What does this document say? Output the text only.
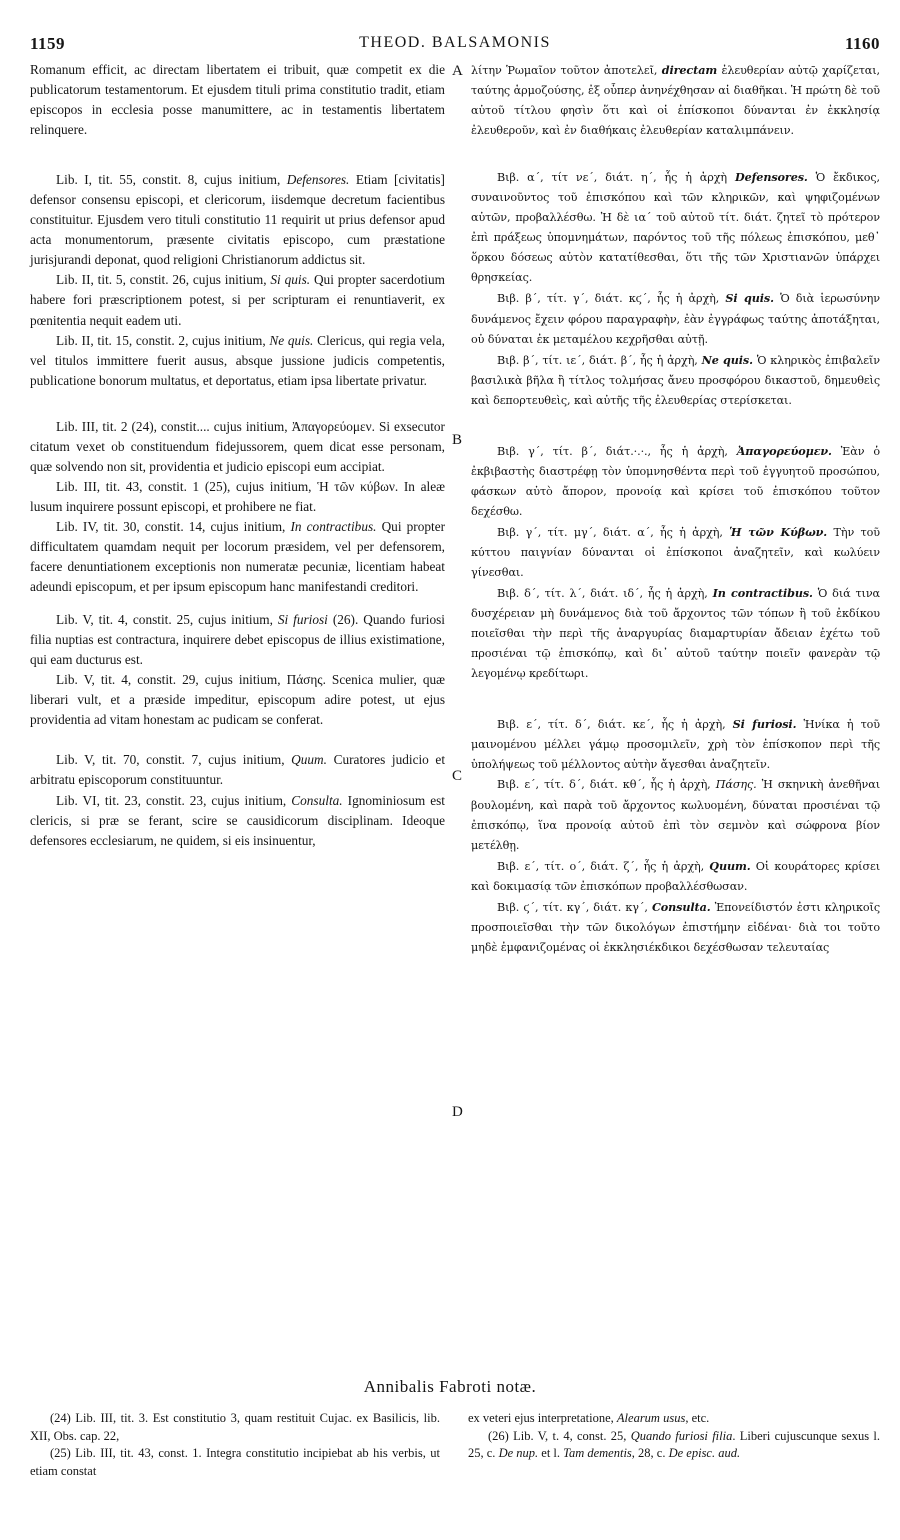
1159	THEOD. BALSAMONIS	1160
A
B
C
D

Romanum efficit, ac directam libertatem ei tribuit, quæ competit ex die publicatorum testamentorum. Et ejusdem tituli prima constitutio tradit, etiam episcopos in ecclesia posse manumittere, ac in testamentis libertatem relinquere.

Lib. I, tit. 55, constit. 8, cujus initium, Defensores. Etiam [civitatis] defensor consensu episcopi, et clericorum, iisdemque decretum facientibus constituitur. Ejusdem vero tituli constitutio 11 requirit ut prius defensor apud acta monumentorum, præsente civitatis episcopo, cum præstatione jurisjurandi deponat, quod religioni Christianorum addictus sit.

Lib. II, tit. 5, constit. 26, cujus initium, Si quis. Qui propter sacerdotium habere fori præscriptionem potest, si per scripturam ei renuntiaverit, ex pœnitentia nequit eadem uti.

Lib. II, tit. 15, constit. 2, cujus initium, Ne quis. Clericus, qui regia vela, vel titulos immittere fuerit ausus, absque jussione judicis competentis, publicatione bonorum multatus, et deportatus, etiam ipsa libertate privatur.

Lib. III, tit. 2 (24), constit.... cujus initium, Ἀπαγορεύομεν. Si exsecutor citatum vexet ob constituendum fidejussorem, quem dicat esse personam, quæ solvendo non sit, providentia et judicio episcopi eum accipiat.

Lib. III, tit. 43, constit. 1 (25), cujus initium, Ἡ τῶν κύβων. In aleæ lusum inquirere possunt episcopi, et prohibere ne fiat.

Lib. IV, tit. 30, constit. 14, cujus initium, In contractibus. Qui propter difficultatem quamdam nequit per locorum præsidem, vel per defensorem, facere denuntiationem exceptionis non numeratæ pecuniæ, licentiam habeat adeundi episcopum, et per ipsum episcopum hanc manifestandi creditori.

Lib. V, tit. 4, constit. 25, cujus initium, Si furiosi (26). Quando furiosi filia nuptias est contractura, inquirere debet episcopus de illius existimatione, qui eam ducturus est.

Lib. V, tit. 4, constit. 29, cujus initium, Πάσης. Scenica mulier, quæ liberari vult, et a præside impeditur, episcopum adire potest, ut ejus providentia ad vitam honestam ac pudicam se conferat.

Lib. V, tit. 70, constit. 7, cujus initium, Quum. Curatores judicio et arbitratu episcoporum constituuntur.

Lib. VI, tit. 23, constit. 23, cujus initium, Consulta. Ignominiosum est clericis, si præ se ferant, scire se causidicorum disciplinam. Ideoque defensores ecclesiarum, ne quidem, si eis insinuentur,

λίτην Ῥωμαῖον τοῦτον ἀποτελεῖ, directam ἐλευθερίαν αὐτῷ χαρίζεται, ταύτης ἁρμοζούσης, ἐξ οὗπερ ἀνηνέχθησαν αἱ διαθῆκαι. Ἡ πρώτη δὲ τοῦ αὐτοῦ τίτλου φησὶν ὅτι καὶ οἱ ἐπίσκοποι δύνανται ἐν ἐκκλησίᾳ ἐλευθεροῦν, καὶ ἐν διαθήκαις ἐλευθερίαν καταλιμπάνειν.

Βιβ. α΄, τίτ νε΄, διάτ. η΄, ἧς ἡ ἀρχὴ Defensores. Ὁ ἔκδικος, συναινοῦντος τοῦ ἐπισκόπου καὶ τῶν κληρικῶν, καὶ ψηφιζομένων αὐτῶν, προβαλλέσθω. Ἡ δὲ ια΄ τοῦ αὐτοῦ τίτ. διάτ. ζητεῖ τὸ πρότερον ἐπὶ πράξεως ὑπομνημάτων, παρόντος τοῦ τῆς πόλεως ἐπισκόπου, μεθ᾽ ὅρκου δόσεως αὐτὸν κατατίθεσθαι, ὅτι τῆς τῶν Χριστιανῶν ὑπάρχει θρησκείας.

Βιβ. β΄, τίτ. γ΄, διάτ. κϛ΄, ἧς ἡ ἀρχὴ, Si quis. Ὁ διὰ ἱερωσύνην δυνάμενος ἔχειν φόρου παραγραφὴν, ἐὰν ἐγγράφως ταύτης ἀποτάξηται, οὐ δύναται ἐκ μεταμέλου κεχρῆσθαι αὐτῇ.

Βιβ. β΄, τίτ. ιε΄, διάτ. β΄, ἧς ἡ ἀρχὴ, Ne quis. Ὁ κληρικὸς ἐπιβαλεῖν βασιλικὰ βῆλα ἢ τίτλος τολμήσας ἄνευ προσφόρου δικαστοῦ, δημευθεὶς καὶ δεπορτευθεὶς, καὶ αὐτῆς τῆς ἐλευθερίας στερίσκεται.

Βιβ. γ΄, τίτ. β΄, διάτ.·.·., ἧς ἡ ἀρχὴ, Ἀπαγορεύομεν. Ἐὰν ὁ ἐκβιβαστὴς διαστρέφῃ τὸν ὑπομνησθέντα περὶ τοῦ ἐγγυητοῦ προσώπου, φάσκων αὐτὸ ἄπορον, προνοίᾳ καὶ κρίσει τοῦ ἐπισκόπου τοῦτον δεχέσθω.

Βιβ. γ΄, τίτ. μγ΄, διάτ. α΄, ἧς ἡ ἀρχὴ, Ἡ τῶν Κύβων. Τὴν τοῦ κύττου παιγνίαν δύνανται οἱ ἐπίσκοποι ἀναζητεῖν, καὶ κωλύειν γίνεσθαι.

Βιβ. δ΄, τίτ. λ΄, διάτ. ιδ΄, ἧς ἡ ἀρχὴ, In contractibus. Ὁ διά τινα δυσχέρειαν μὴ δυνάμενος διὰ τοῦ ἄρχοντος τῶν τόπων ἢ τοῦ ἐκδίκου ποιεῖσθαι τὴν περὶ τῆς ἀναργυρίας διαμαρτυρίαν ἄδειαν ἐχέτω τοῦ προσιέναι τῷ ἐπισκόπῳ, καὶ δι᾽ αὐτοῦ ταύτην ποιεῖν φανερὰν τῷ λεγομένῳ κρεδίτωρι.

Βιβ. ε΄, τίτ. δ΄, διάτ. κε΄, ἧς ἡ ἀρχὴ, Si furiosi. Ἡνίκα ἡ τοῦ μαινομένου μέλλει γάμῳ προσομιλεῖν, χρὴ τὸν ἐπίσκοπον περὶ τῆς ὑπολήψεως τοῦ μέλλοντος αὐτὴν ἄγεσθαι ἀναζητεῖν.

Βιβ. ε΄, τίτ. δ΄, διάτ. κθ΄, ἧς ἡ ἀρχὴ, Πάσης. Ἡ σκηνικὴ ἀνεθῆναι βουλομένη, καὶ παρὰ τοῦ ἄρχοντος κωλυομένη, δύναται προσιέναι τῷ ἐπισκόπῳ, ἵνα προνοίᾳ αὐτοῦ ἐπὶ τὸν σεμνὸν καὶ σώφρονα βίον μετέλθῃ.

Βιβ. ε΄, τίτ. ο΄, διάτ. ζ΄, ἧς ἡ ἀρχὴ, Quum. Οἱ κουράτορες κρίσει καὶ δοκιμασίᾳ τῶν ἐπισκόπων προβαλλέσθωσαν.

Βιβ. ϛ΄, τίτ. κγ΄, διάτ. κγ΄, Consulta. Ἐπονείδιστόν ἐστι κληρικοῖς προσποιεῖσθαι τὴν τῶν δικολόγων ἐπιστήμην εἰδέναι· διὰ τοι τοῦτο μηδὲ ἐμφανιζομένας οἱ ἐκκλησιέκδικοι δεχέσθωσαν τελευταίας

Annibalis Fabroti notæ.

(24) Lib. III, tit. 3. Est constitutio 3, quam restituit Cujac. ex Basilicis, lib. XII, Obs. cap. 22,

(25) Lib. III, tit. 43, const. 1. Integra constitutio incipiebat ab his verbis, ut etiam constat

ex veteri ejus interpretatione, Alearum usus, etc.

(26) Lib. V, t. 4, const. 25, Quando furiosi filia. Liberi cujuscunque sexus l. 25, c. De nup. et l. Tam dementis, 28, c. De episc. aud.
